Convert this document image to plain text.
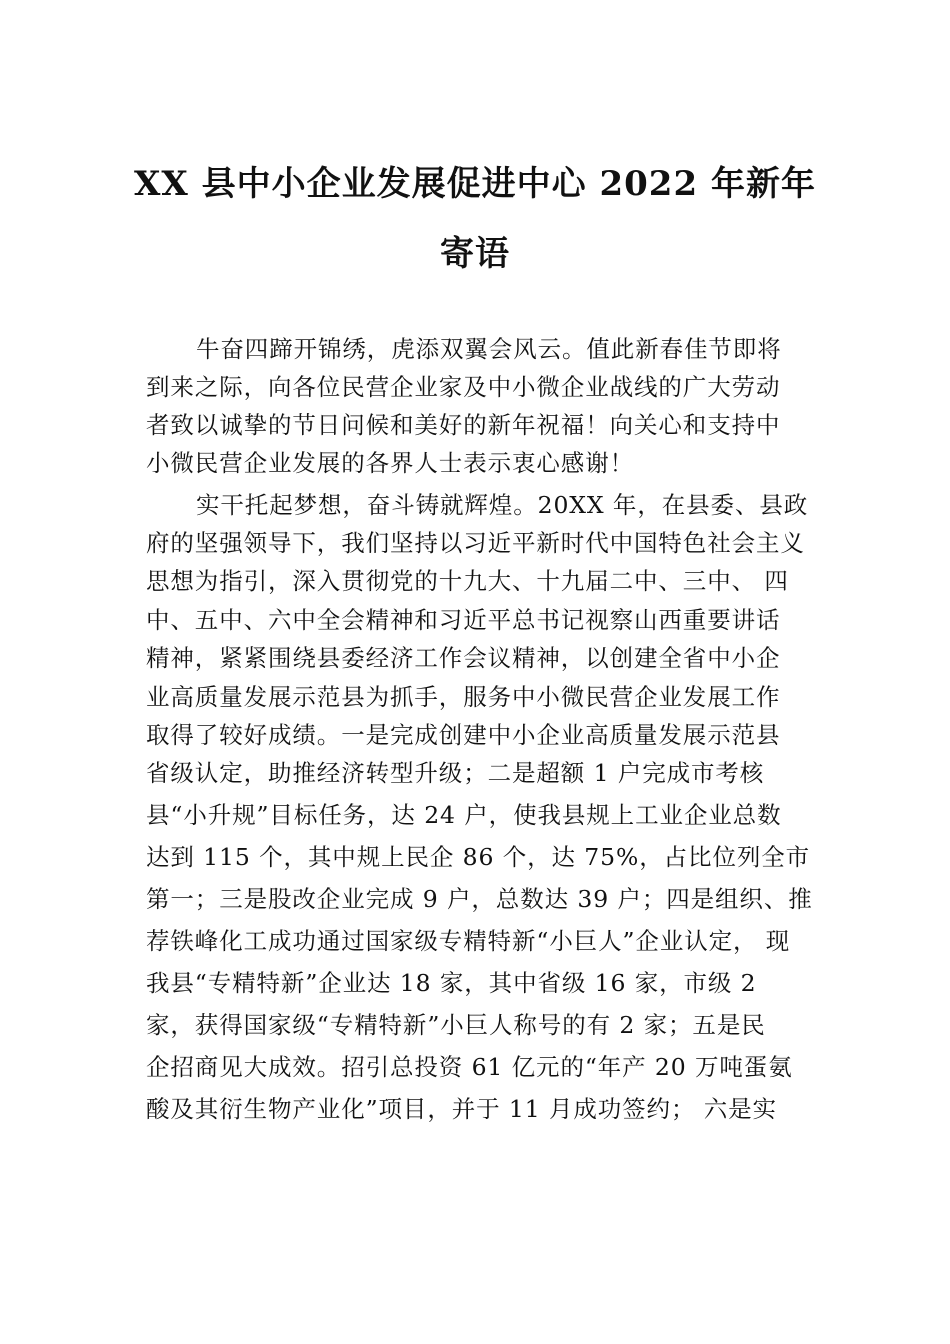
XX 县中小企业发展促进中心 2022 年新年
寄语
牛奋四蹄开锦绣，虎添双翼会风云。值此新春佳节即将
到来之际，向各位民营企业家及中小微企业战线的广大劳动
者致以诚挚的节日问候和美好的新年祝福！向关心和支持中
小微民营企业发展的各界人士表示衷心感谢！
实干托起梦想，奋斗铸就辉煌。20XX 年，在县委、县政
府的坚强领导下，我们坚持以习近平新时代中国特色社会主义
思想为指引，深入贯彻党的十九大、十九届二中、三中、 四
中、五中、六中全会精神和习近平总书记视察山西重要讲话
精神，紧紧围绕县委经济工作会议精神，以创建全省中小企
业高质量发展示范县为抓手，服务中小微民营企业发展工作
取得了较好成绩。一是完成创建中小企业高质量发展示范县
省级认定，助推经济转型升级；二是超额 1 户完成市考核
县“小升规”目标任务，达 24 户，使我县规上工业企业总数
达到 115 个，其中规上民企 86 个，达 75%，占比位列全市
第一；三是股改企业完成 9 户，总数达 39 户；四是组织、推
荐铁峰化工成功通过国家级专精特新“小巨人”企业认定， 现
我县“专精特新”企业达 18 家，其中省级 16 家，市级 2
家，获得国家级“专精特新”小巨人称号的有 2 家；五是民
企招商见大成效。招引总投资 61 亿元的“年产 20 万吨蛋氨
酸及其衍生物产业化”项目，并于 11 月成功签约； 六是实
